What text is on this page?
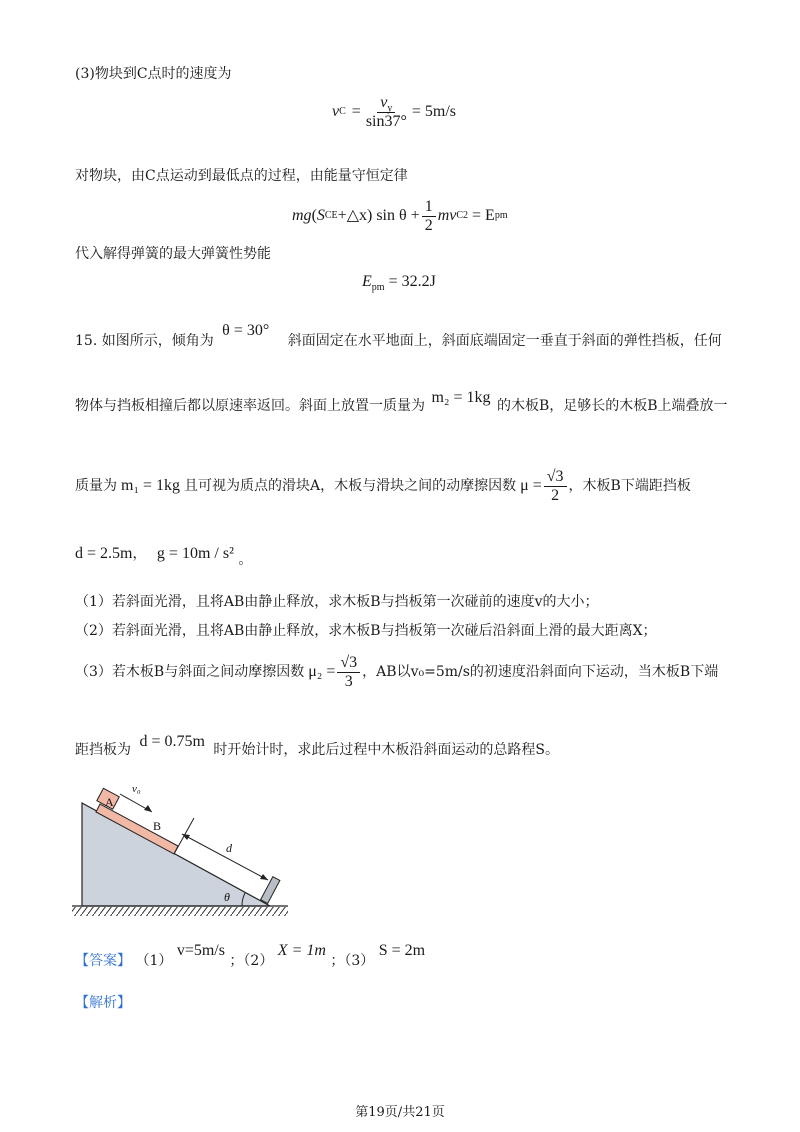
(3)物块到C点时的速度为
v $C = \frac{v_y}{\sin 37^\circ} = 5m/s$
对物块，由C点运动到最低点的过程，由能量守恒定律
mg ( S CE +△x ) $\sin \theta + \frac{1}{2}$ mv C 2 = E pm
代入解得弹簧的最大弹簧性势能
$E_{pm} = 32.2J$
15. 如图所示，倾角为 θ = 30° 斜面固定在水平地面上，斜面底端固定一垂直于斜面的弹性挡板，任何
物体与挡板相撞后都以原速率返回。斜面上放置一质量为 m₂ = 1kg 的木板B，足够长的木板B上端叠放一
质量为 m₁ = 1kg 且可视为质点的滑块A，木板与滑块之间的动摩擦因数 $\mu = \frac{√3}{2}$ ，木板B下端距挡板
d = 2.5m， g = 10m / s² 。
（1）若斜面光滑，且将AB由静止释放，求木板B与挡板第一次碰前的速度v的大小；
（2）若斜面光滑，且将AB由静止释放，求木板B与挡板第一次碰后沿斜面上滑的最大距离X；
（3）若木板B与斜面之间动摩擦因数 $\mu_2 = \frac{√3}{3}$ ，AB以v₀=5m/s的初速度沿斜面向下运动，当木板B下端
距挡板为 d = 0.75m 时开始计时，求此后过程中木板沿斜面运动的总路程S。
A
v₀
B
d
θ
【答案】 （1） v=5m/s ；（2） X = 1m ；（3） S = 2m
【解析】
第19页/共21页
